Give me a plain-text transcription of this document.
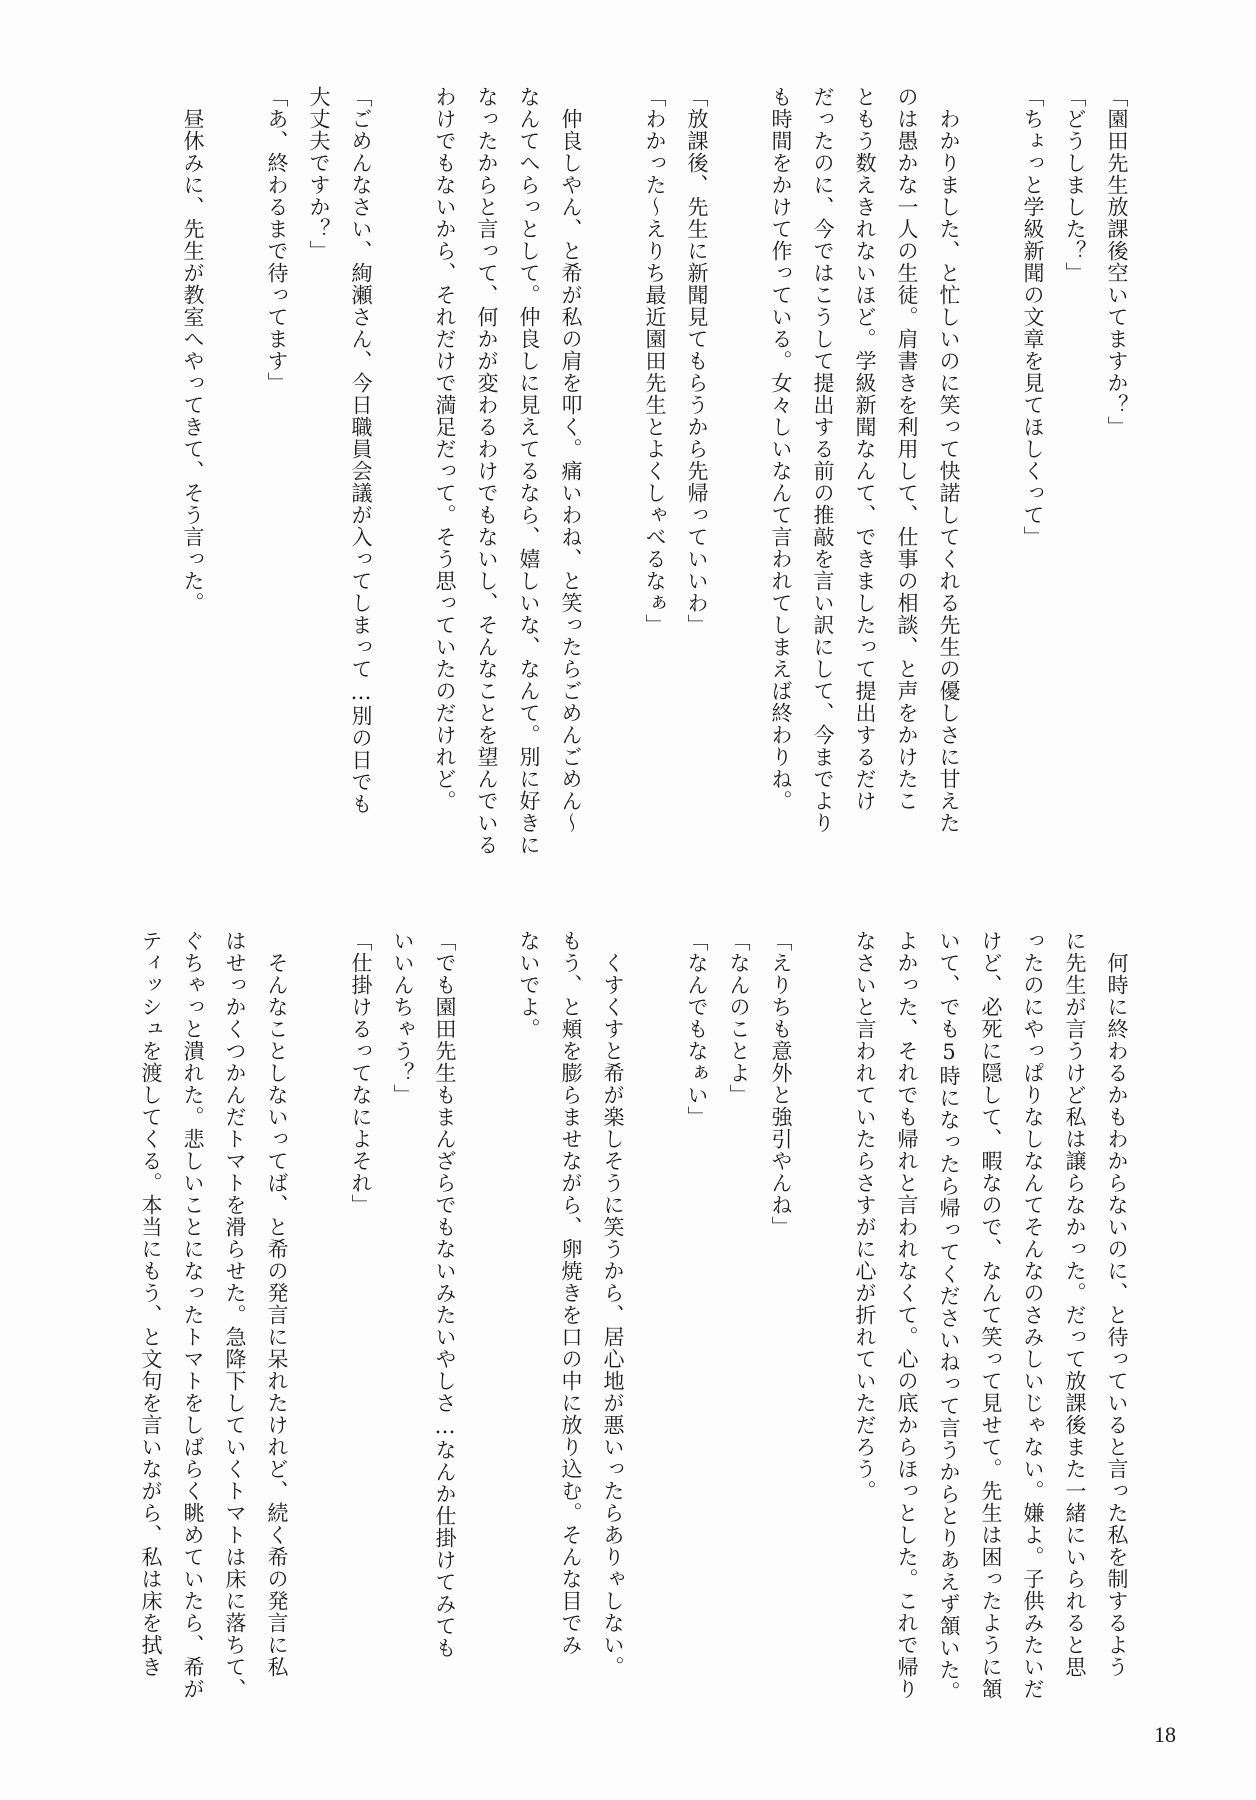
「園田先生放課後空いてますか？」
「どうしました？」
「ちょっと学級新聞の文章を見てほしくって」
　わかりました、と忙しいのに笑って快諾してくれる先生の優しさに甘えた
のは愚かな一人の生徒。肩書きを利用して、仕事の相談、と声をかけたこ
ともう数えきれないほど。学級新聞なんて、できましたって提出するだけ
だったのに、今ではこうして提出する前の推敲を言い訳にして、今までより
も時間をかけて作っている。女々しいなんて言われてしまえば終わりね。
「放課後、先生に新聞見てもらうから先帰っていいわ」
「わかった〜えりち最近園田先生とよくしゃべるなぁ」
　仲良しやん、と希が私の肩を叩く。痛いわね、と笑ったらごめんごめん〜
なんてへらっとして。仲良しに見えてるなら、嬉しいな、なんて。別に好きに
なったからと言って、何かが変わるわけでもないし、そんなことを望んでいる
わけでもないから、それだけで満足だって。そう思っていたのだけれど。
「ごめんなさい、絢瀬さん、今日職員会議が入ってしまって…別の日でも
大丈夫ですか？」
「あ、終わるまで待ってます」
　昼休みに、先生が教室へやってきて、そう言った。
　何時に終わるかもわからないのに、と待っていると言った私を制するよう
に先生が言うけど私は譲らなかった。だって放課後また一緒にいられると思
ったのにやっぱりなしなんてそんなのさみしいじゃない。嫌よ。子供みたいだ
けど、必死に隠して、暇なので、なんて笑って見せて。先生は困ったように頷
いて、でも5時になったら帰ってくださいねって言うからとりあえず頷いた。
よかった、それでも帰れと言われなくて。心の底からほっとした。これで帰り
なさいと言われていたらさすがに心が折れていただろう。
「えりちも意外と強引やんね」
「なんのことよ」
「なんでもなぁい」
　くすくすと希が楽しそうに笑うから、居心地が悪いったらありゃしない。
もう、と頬を膨らませながら、卵焼きを口の中に放り込む。そんな目でみ
ないでよ。
「でも園田先生もまんざらでもないみたいやしさ…なんか仕掛けてみても
いいんちゃう？」
「仕掛けるってなによそれ」
　そんなことしないってば、と希の発言に呆れたけれど、続く希の発言に私
はせっかくつかんだトマトを滑らせた。急降下していくトマトは床に落ちて、
ぐちゃっと潰れた。悲しいことになったトマトをしばらく眺めていたら、希が
ティッシュを渡してくる。本当にもう、と文句を言いながら、私は床を拭き
18
